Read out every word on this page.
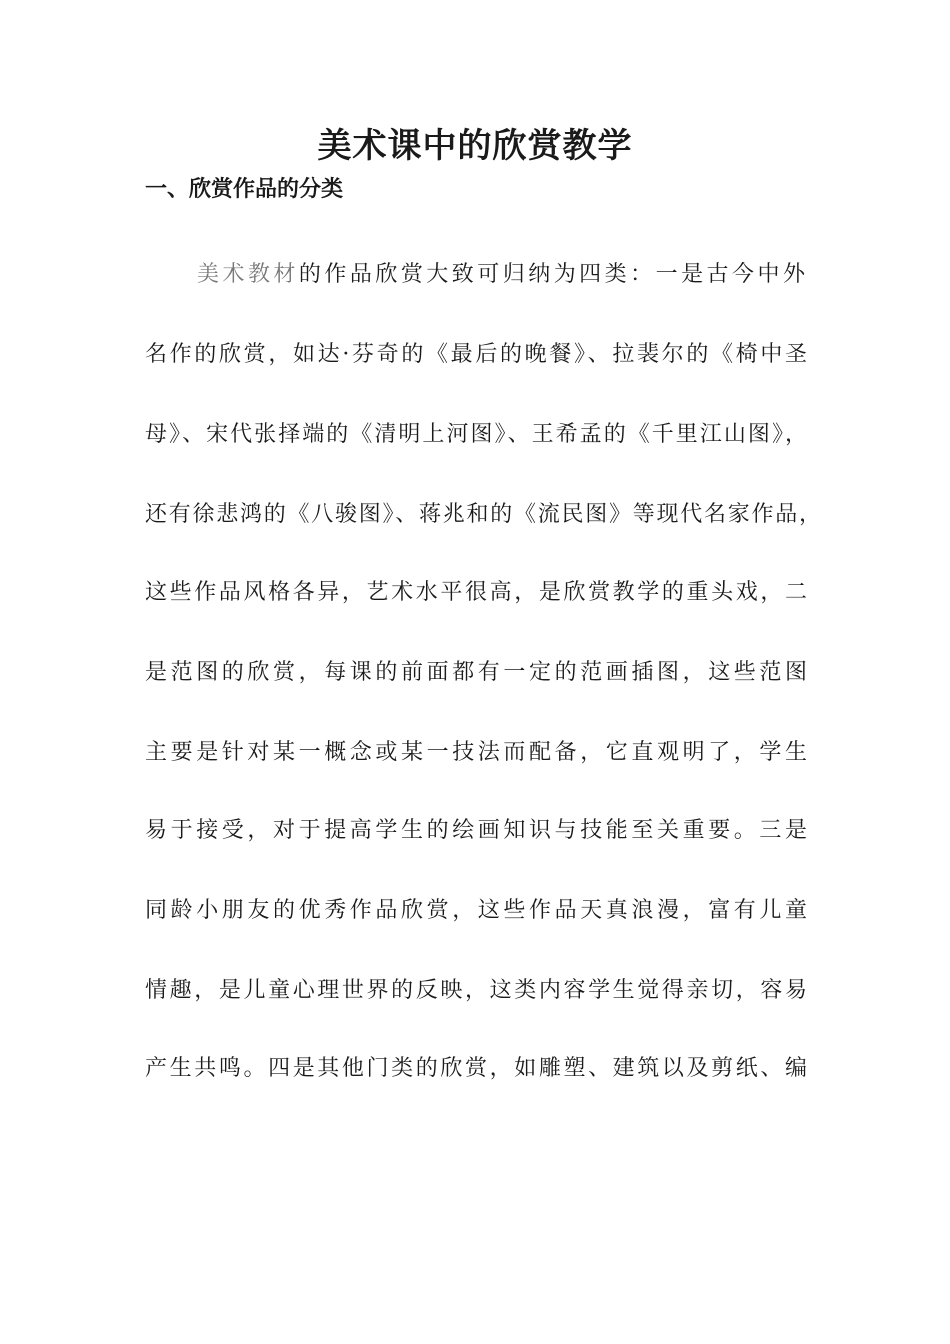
美术课中的欣赏教学
一、欣赏作品的分类

美术教材的作品欣赏大致可归纳为四类：一是古今中外

名作的欣赏，如达·芬奇的《最后的晚餐》、拉裴尔的《椅中圣

母》、宋代张择端的《清明上河图》、王希孟的《千里江山图》，

还有徐悲鸿的《八骏图》、蒋兆和的《流民图》等现代名家作品，

这些作品风格各异，艺术水平很高，是欣赏教学的重头戏，二

是范图的欣赏，每课的前面都有一定的范画插图，这些范图

主要是针对某一概念或某一技法而配备，它直观明了，学生

易于接受，对于提高学生的绘画知识与技能至关重要。三是

同龄小朋友的优秀作品欣赏，这些作品天真浪漫，富有儿童

情趣，是儿童心理世界的反映，这类内容学生觉得亲切，容易

产生共鸣。四是其他门类的欣赏，如雕塑、建筑以及剪纸、编
